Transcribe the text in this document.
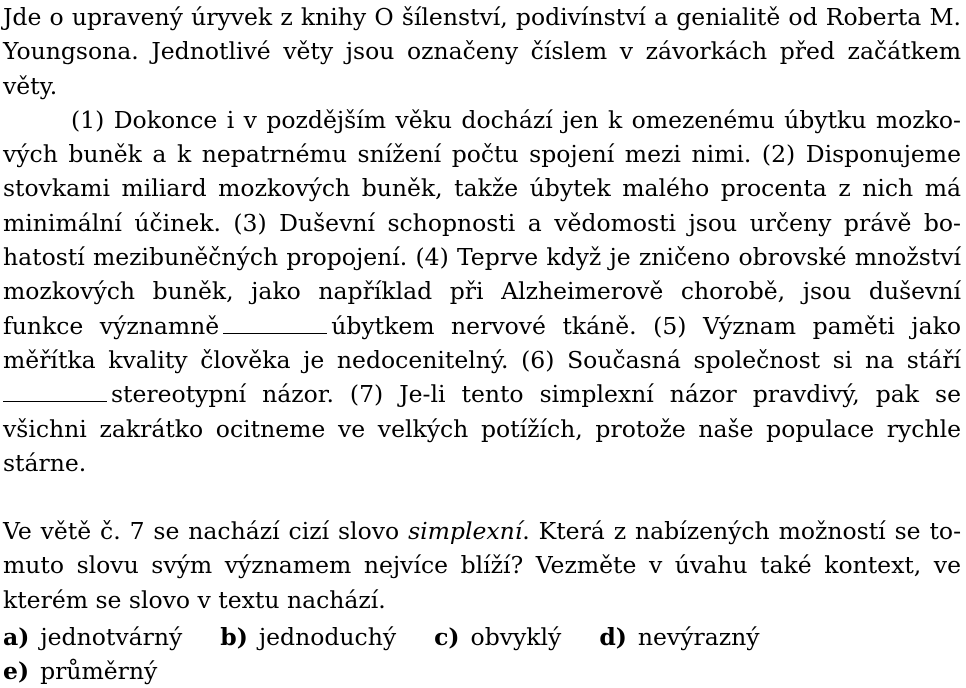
Jde o upravený úryvek z knihy O šílenství, podivínství a genialitě od Roberta M. Youngsona. Jednotlivé věty jsou označeny číslem v závorkách před začátkem věty.

(1) Dokonce i v pozdějším věku dochází jen k omezenému úbytku mozkových buněk a k nepatrnému snížení počtu spojení mezi nimi. (2) Disponujeme stovkami miliard mozkových buněk, takže úbytek malého procenta z nich má minimální účinek. (3) Duševní schopnosti a vědomosti jsou určeny právě bohatostí mezibuněčných propojení. (4) Teprve když je zničeno obrovské množství mozkových buněk, jako například při Alzheimerově chorobě, jsou duševní funkce významně	úbytkem nervové tkáně. (5) Význam paměti jako měřítka kvality člověka je nedocenitelný. (6) Současná společnost si na stáří stereotypní názor. (7) Je-li tento simplexní názor pravdivý, pak se všichni zakrátko ocitneme ve velkých potížích, protože naše populace rychle stárne.

Ve větě č. 7 se nachází cizí slovo simplexní. Která z nabízených možností se tomuto slovu svým významem nejvíce blíží? Vezměte v úvahu také kontext, ve kterém se slovo v textu nachází.

a) jednotvárný b) jednoduchý c) obvyklý d) nevýrazný
e) průměrný
